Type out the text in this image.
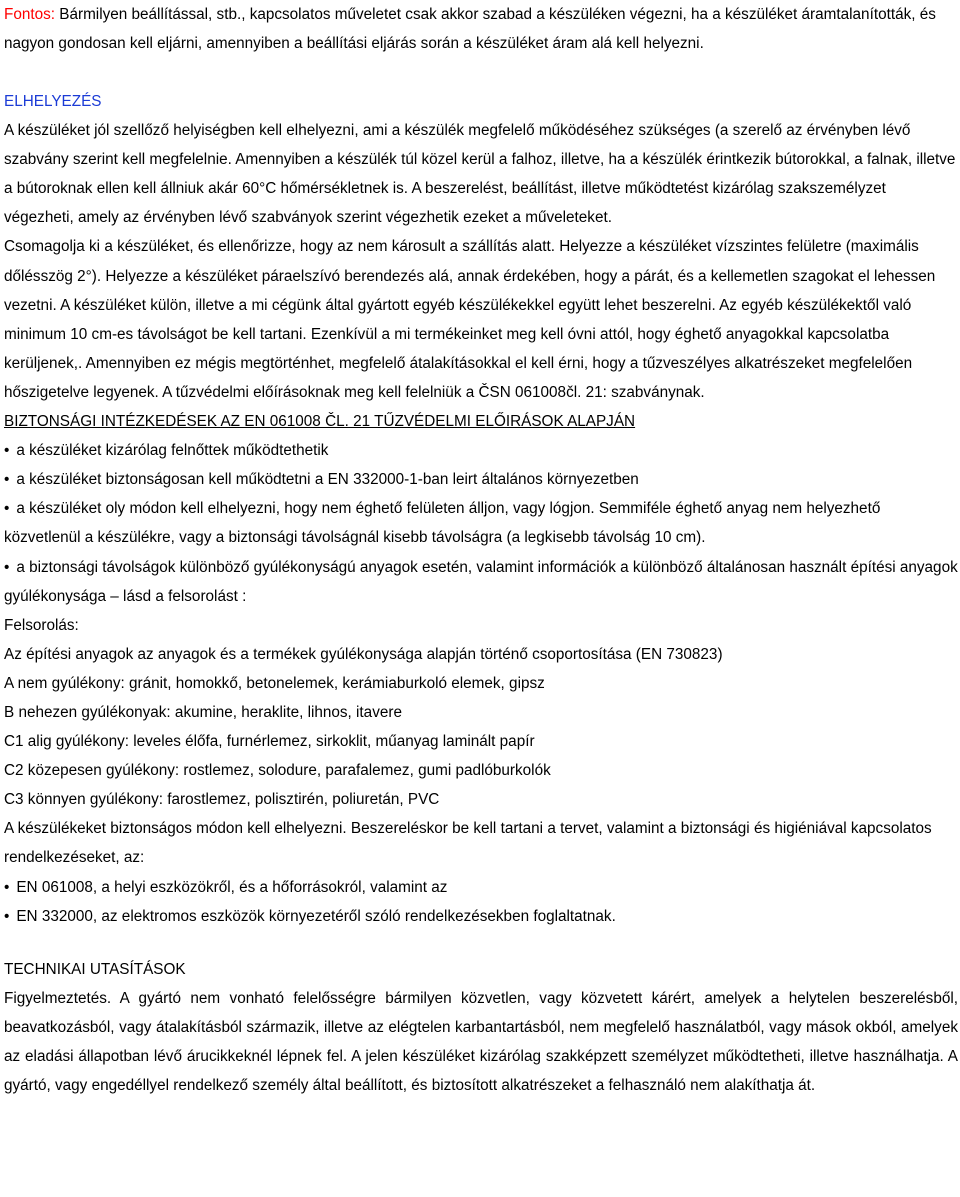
Fontos: Bármilyen beállítással, stb., kapcsolatos műveletet csak akkor szabad a készüléken végezni, ha a készüléket áramtalanították, és nagyon gondosan kell eljárni, amennyiben a beállítási eljárás során a készüléket áram alá kell helyezni.

ELHELYEZÉS

A készüléket jól szellőző helyiségben kell elhelyezni, ami a készülék megfelelő működéséhez szükséges (a szerelő az érvényben lévő szabvány szerint kell megfelelnie. Amennyiben a készülék túl közel kerül a falhoz, illetve, ha a készülék érintkezik bútorokkal, a falnak, illetve a bútoroknak ellen kell állniuk akár 60°C hőmérsékletnek is. A beszerelést, beállítást, illetve működtetést kizárólag szakszemélyzet végezheti, amely az érvényben lévő szabványok szerint végezhetik ezeket a műveleteket.

Csomagolja ki a készüléket, és ellenőrizze, hogy az nem károsult a szállítás alatt. Helyezze a készüléket vízszintes felületre (maximális dőlésszög 2°). Helyezze a készüléket páraelszívó berendezés alá, annak érdekében, hogy a párát, és a kellemetlen szagokat el lehessen vezetni. A készüléket külön, illetve a mi cégünk által gyártott egyéb készülékekkel együtt lehet beszerelni. Az egyéb készülékektől való minimum 10 cm-es távolságot be kell tartani. Ezenkívül a mi termékeinket meg kell óvni attól, hogy éghető anyagokkal kapcsolatba kerüljenek,. Amennyiben ez mégis megtörténhet, megfelelő átalakításokkal el kell érni, hogy a tűzveszélyes alkatrészeket megfelelően hőszigetelve legyenek. A tűzvédelmi előírásoknak meg kell felelniük a ČSN 061008čl. 21: szabványnak.

BIZTONSÁGI INTÉZKEDÉSEK AZ EN 061008 ČL. 21 TŰZVÉDELMI ELŐIRÁSOK ALAPJÁN

• a készüléket kizárólag felnőttek működtethetik

• a készüléket biztonságosan kell működtetni a EN 332000-1-ban leirt általános környezetben

• a készüléket oly módon kell elhelyezni, hogy nem éghető felületen álljon, vagy lógjon. Semmiféle éghető anyag nem helyezhető közvetlenül a készülékre, vagy a biztonsági távolságnál kisebb távolságra (a legkisebb távolság 10 cm).

• a biztonsági távolságok különböző gyúlékonyságú anyagok esetén, valamint információk a különböző általánosan használt építési anyagok gyúlékonysága – lásd a felsorolást :

Felsorolás:

Az építési anyagok az anyagok és a termékek gyúlékonysága alapján történő csoportosítása (EN 730823)

A nem gyúlékony: gránit, homokkő, betonelemek, kerámiaburkoló elemek, gipsz

B nehezen gyúlékonyak: akumine, heraklite, lihnos, itavere

C1 alig gyúlékony: leveles élőfa, furnérlemez, sirkoklit, műanyag laminált papír

C2 közepesen gyúlékony: rostlemez, solodure, parafalemez, gumi padlóburkolók

C3 könnyen gyúlékony: farostlemez, polisztirén, poliuretán, PVC

A készülékeket biztonságos módon kell elhelyezni. Beszereléskor be kell tartani a tervet, valamint a biztonsági és higiéniával kapcsolatos rendelkezéseket, az:

• EN 061008, a helyi eszközökről, és a hőforrásokról, valamint az

• EN 332000, az elektromos eszközök környezetéről szóló rendelkezésekben foglaltatnak.

TECHNIKAI UTASÍTÁSOK

Figyelmeztetés. A gyártó nem vonható felelősségre bármilyen közvetlen, vagy közvetett kárért, amelyek a helytelen beszerelésből, beavatkozásból, vagy átalakításból származik, illetve az elégtelen karbantartásból, nem megfelelő használatból, vagy mások okból, amelyek az eladási állapotban lévő árucikkeknél lépnek fel. A jelen készüléket kizárólag szakképzett személyzet működtetheti, illetve használhatja. A gyártó, vagy engedéllyel rendelkező személy által beállított, és biztosított alkatrészeket a felhasználó nem alakíthatja át.
